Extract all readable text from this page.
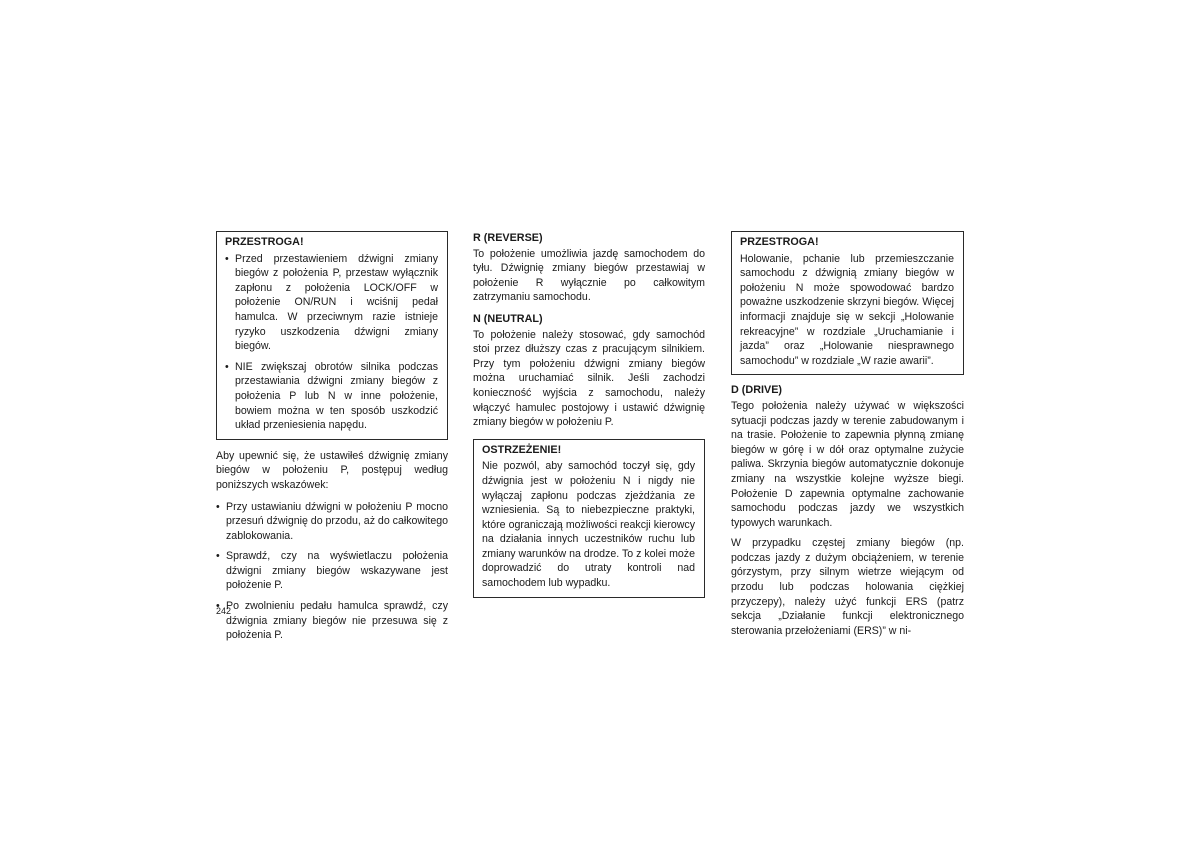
PRZESTROGA!
• Przed przestawieniem dźwigni zmiany biegów z położenia P, przestaw wyłącznik zapłonu z położenia LOCK/OFF w położenie ON/RUN i wciśnij pedał hamulca. W przeciwnym razie istnieje ryzyko uszkodzenia dźwigni zmiany biegów.
• NIE zwiększaj obrotów silnika podczas przestawiania dźwigni zmiany biegów z położenia P lub N w inne położenie, bowiem można w ten sposób uszkodzić układ przeniesienia napędu.

Aby upewnić się, że ustawiłeś dźwignię zmiany biegów w położeniu P, postępuj według poniższych wskazówek:

• Przy ustawianiu dźwigni w położeniu P mocno przesuń dźwignię do przodu, aż do całkowitego zablokowania.
• Sprawdź, czy na wyświetlaczu położenia dźwigni zmiany biegów wskazywane jest położenie P.
• Po zwolnieniu pedału hamulca sprawdź, czy dźwignia zmiany biegów nie przesuwa się z położenia P.
R (REVERSE)

To położenie umożliwia jazdę samochodem do tyłu. Dźwignię zmiany biegów przestawiaj w położenie R wyłącznie po całkowitym zatrzymaniu samochodu.

N (NEUTRAL)

To położenie należy stosować, gdy samochód stoi przez dłuższy czas z pracującym silnikiem. Przy tym położeniu dźwigni zmiany biegów można uruchamiać silnik. Jeśli zachodzi konieczność wyjścia z samochodu, należy włączyć hamulec postojowy i ustawić dźwignię zmiany biegów w położeniu P.

OSTRZEŻENIE!

Nie pozwól, aby samochód toczył się, gdy dźwignia jest w położeniu N i nigdy nie wyłączaj zapłonu podczas zjeżdżania ze wzniesienia. Są to niebezpieczne praktyki, które ograniczają możliwości reakcji kierowcy na działania innych uczestników ruchu lub zmiany warunków na drodze. To z kolei może doprowadzić do utraty kontroli nad samochodem lub wypadku.

PRZESTROGA!

Holowanie, pchanie lub przemieszczanie samochodu z dźwignią zmiany biegów w położeniu N może spowodować bardzo poważne uszkodzenie skrzyni biegów. Więcej informacji znajduje się w sekcji „Holowanie rekreacyjne” w rozdziale „Uruchamianie i jazda” oraz „Holowanie niesprawnego samochodu” w rozdziale „W razie awarii”.

D (DRIVE)

Tego położenia należy używać w większości sytuacji podczas jazdy w terenie zabudowanym i na trasie. Położenie to zapewnia płynną zmianę biegów w górę i w dół oraz optymalne zużycie paliwa. Skrzynia biegów automatycznie dokonuje zmiany na wszystkie kolejne wyższe biegi. Położenie D zapewnia optymalne zachowanie samochodu podczas jazdy we wszystkich typowych warunkach.

W przypadku częstej zmiany biegów (np. podczas jazdy z dużym obciążeniem, w terenie górzystym, przy silnym wietrze wiejącym od przodu lub podczas holowania ciężkiej przyczepy), należy użyć funkcji ERS (patrz sekcja „Działanie funkcji elektronicznego sterowania przełożeniami (ERS)” w ni-

242
